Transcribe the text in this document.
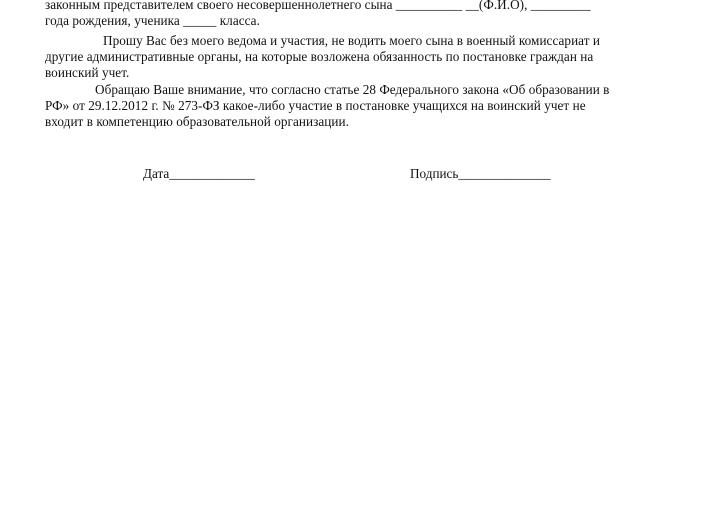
законным представителем своего несовершеннолетнего сына __________ __(Ф.И.О), _________
года рождения, ученика _____ класса.
Прошу Вас без моего ведома и участия, не водить моего сына в военный комиссариат и
другие административные органы, на которые возложена обязанность по постановке граждан на
воинский учет.
Обращаю Ваше внимание, что согласно статье 28 Федерального закона «Об образовании в
РФ» от 29.12.2012 г. № 273-ФЗ какое-либо участие в постановке учащихся на воинский учет не
входит в компетенцию образовательной организации.
Дата_____________	Подпись______________
